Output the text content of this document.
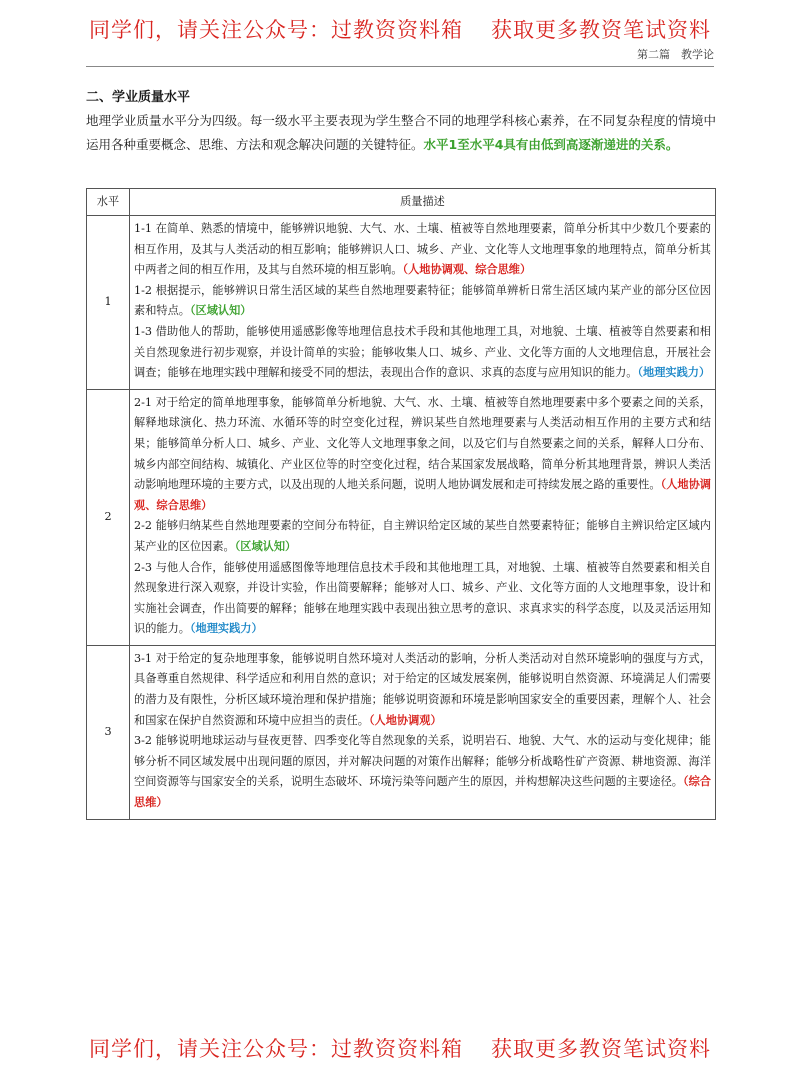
同学们，请关注公众号：过教资资料箱 获取更多教资笔试资料
第二篇　教学论
二、学业质量水平
地理学业质量水平分为四级。每一级水平主要表现为学生整合不同的地理学科核心素养，在不同复杂程度的情境中运用各种重要概念、思维、方法和观念解决问题的关键特征。水平1至水平4具有由低到高逐渐递进的关系。
水平	质量描述
1	1-1 在简单、熟悉的情境中，能够辨识地貌、大气、水、土壤、植被等自然地理要素，简单分析其中少数几个要素的相互作用，及其与人类活动的相互影响；能够辨识人口、城乡、产业、文化等人文地理事象的地理特点，简单分析其中两者之间的相互作用，及其与自然环境的相互影响。（人地协调观、综合思维）

1-2 根据提示，能够辨识日常生活区域的某些自然地理要素特征；能够简单辨析日常生活区域内某产业的部分区位因素和特点。（区域认知）

1-3 借助他人的帮助，能够使用遥感影像等地理信息技术手段和其他地理工具，对地貌、土壤、植被等自然要素和相关自然现象进行初步观察，并设计简单的实验；能够收集人口、城乡、产业、文化等方面的人文地理信息，开展社会调查；能够在地理实践中理解和接受不同的想法，表现出合作的意识、求真的态度与应用知识的能力。（地理实践力）

2	2-1 对于给定的简单地理事象，能够简单分析地貌、大气、水、土壤、植被等自然地理要素中多个要素之间的关系，解释地球演化、热力环流、水循环等的时空变化过程，辨识某些自然地理要素与人类活动相互作用的主要方式和结果；能够简单分析人口、城乡、产业、文化等人文地理事象之间，以及它们与自然要素之间的关系，解释人口分布、城乡内部空间结构、城镇化、产业区位等的时空变化过程，结合某国家发展战略，简单分析其地理背景，辨识人类活动影响地理环境的主要方式，以及出现的人地关系问题，说明人地协调发展和走可持续发展之路的重要性。（人地协调观、综合思维）

2-2 能够归纳某些自然地理要素的空间分布特征，自主辨识给定区域的某些自然要素特征；能够自主辨识给定区域内某产业的区位因素。（区域认知）

2-3 与他人合作，能够使用遥感图像等地理信息技术手段和其他地理工具，对地貌、土壤、植被等自然要素和相关自然现象进行深入观察，并设计实验，作出简要解释；能够对人口、城乡、产业、文化等方面的人文地理事象，设计和实施社会调查，作出简要的解释；能够在地理实践中表现出独立思考的意识、求真求实的科学态度，以及灵活运用知识的能力。（地理实践力）

3	3-1 对于给定的复杂地理事象，能够说明自然环境对人类活动的影响，分析人类活动对自然环境影响的强度与方式，具备尊重自然规律、科学适应和利用自然的意识；对于给定的区域发展案例，能够说明自然资源、环境满足人们需要的潜力及有限性，分析区域环境治理和保护措施；能够说明资源和环境是影响国家安全的重要因素，理解个人、社会和国家在保护自然资源和环境中应担当的责任。（人地协调观）

3-2 能够说明地球运动与昼夜更替、四季变化等自然现象的关系，说明岩石、地貌、大气、水的运动与变化规律；能够分析不同区域发展中出现问题的原因，并对解决问题的对策作出解释；能够分析战略性矿产资源、耕地资源、海洋空间资源等与国家安全的关系，说明生态破坏、环境污染等问题产生的原因，并构想解决这些问题的主要途径。（综合思维）

同学们，请关注公众号：过教资资料箱 获取更多教资笔试资料
